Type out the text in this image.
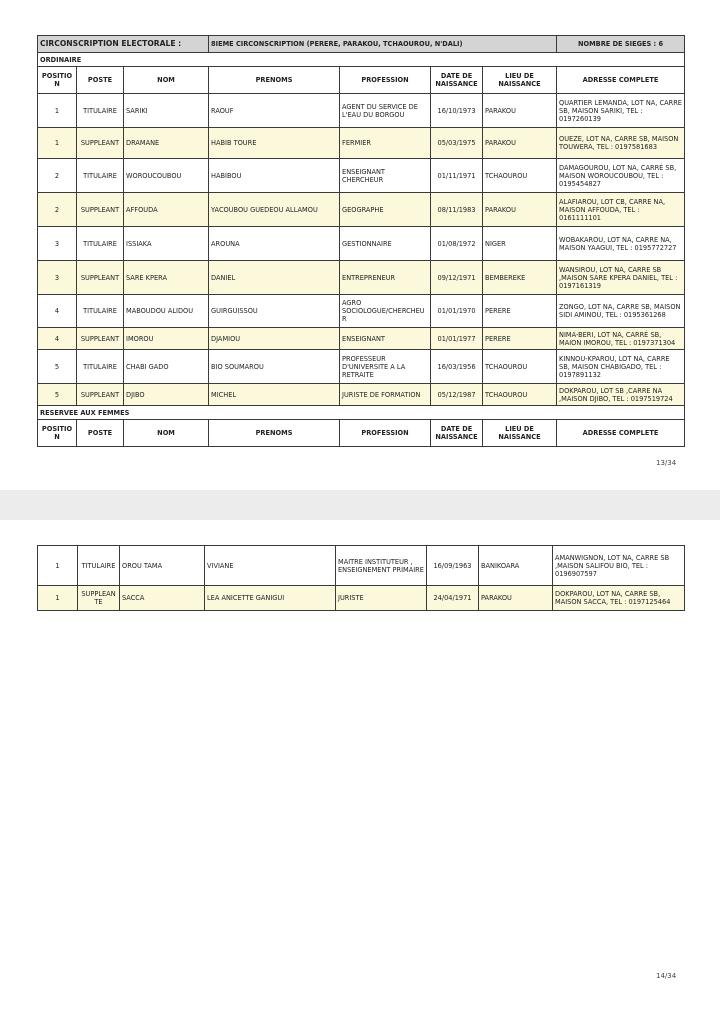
CIRCONSCRIPTION ELECTORALE :			8IEME CIRCONSCRIPTION (PERERE, PARAKOU, TCHAOUROU, N'DALI)				NOMBRE DE SIEGES : 6
ORDINAIRE							
POSITION	POSTE	NOM	PRENOMS	PROFESSION	DATE DE NAISSANCE	LIEU DE NAISSANCE	ADRESSE COMPLETE
1	TITULAIRE	SARIKI	RAOUF	AGENT DU SERVICE DE L'EAU DU BORGOU	16/10/1973	PARAKOU	QUARTIER LEMANDA, LOT NA, CARRE SB, MAISON SARIKI, TEL : 0197260139
1	SUPPLEANT	DRAMANE	HABIB TOURE	FERMIER	05/03/1975	PARAKOU	OUEZE, LOT NA, CARRE SB, MAISON TOUWERA, TEL : 0197581683
2	TITULAIRE	WOROUCOUBOU	HABIBOU	ENSEIGNANT CHERCHEUR	01/11/1971	TCHAOUROU	DAMAGOUROU, LOT NA, CARRÉ SB, MAISON WOROUCOUBOU, TEL : 0195454827
2	SUPPLEANT	AFFOUDA	YACOUBOU GUEDEOU ALLAMOU	GEOGRAPHE	08/11/1983	PARAKOU	ALAFIAROU, LOT CB, CARRE NA, MAISON AFFOUDA, TEL : 0161111101
3	TITULAIRE	ISSIAKA	AROUNA	GESTIONNAIRE	01/08/1972	NIGER	WOBAKAROU, LOT NA, CARRE NA, MAISON YAAGUI, TEL : 0195772727
3	SUPPLEANT	SARE KPERA	DANIEL	ENTREPRENEUR	09/12/1971	BEMBEREKE	WANSIROU, LOT NA, CARRE SB ,MAISON SARE KPERA DANIEL, TEL : 0197161319
4	TITULAIRE	MABOUDOU ALIDOU	GUIRGUISSOU	AGRO SOCIOLOGUE/CHERCHEUR	01/01/1970	PERERE	ZONGO, LOT NA, CARRE SB, MAISON SIDI AMINOU, TEL : 0195361268
4	SUPPLEANT	IMOROU	DJAMIOU	ENSEIGNANT	01/01/1977	PERERE	NIMA-BERI, LOT NA, CARRÉ SB, MAION IMOROU, TEL : 0197371304
5	TITULAIRE	CHABI GADO	BIO SOUMAROU	PROFESSEUR D'UNIVERSITE A LA RETRAITE	16/03/1956	TCHAOUROU	KINNOU-KPAROU, LOT NA, CARRE SB, MAISON CHABIGADO, TEL : 0197891132
5	SUPPLEANT	DJIBO	MICHEL	JURISTE DE FORMATION	05/12/1987	TCHAOUROU	DOKPAROU, LOT SB ,CARRE NA ,MAISON DJIBO, TEL : 0197519724
RESERVEE AUX FEMMES							
POSITION	POSTE	NOM	PRENOMS	PROFESSION	DATE DE NAISSANCE	LIEU DE NAISSANCE	ADRESSE COMPLETE
13/34
1	TITULAIRE	OROU TAMA	VIVIANE	MAITRE INSTITUTEUR , ENSEIGNEMENT PRIMAIRE	16/09/1963	BANIKOARA	AMANWIGNON, LOT NA, CARRE SB ,MAISON SALIFOU BIO, TEL : 0196907597
1	SUPPLEANTE	SACCA	LEA ANICETTE GANIGUI	JURISTE	24/04/1971	PARAKOU	DOKPAROU, LOT NA, CARRE SB, MAISON SACCA, TEL : 0197125464
14/34
